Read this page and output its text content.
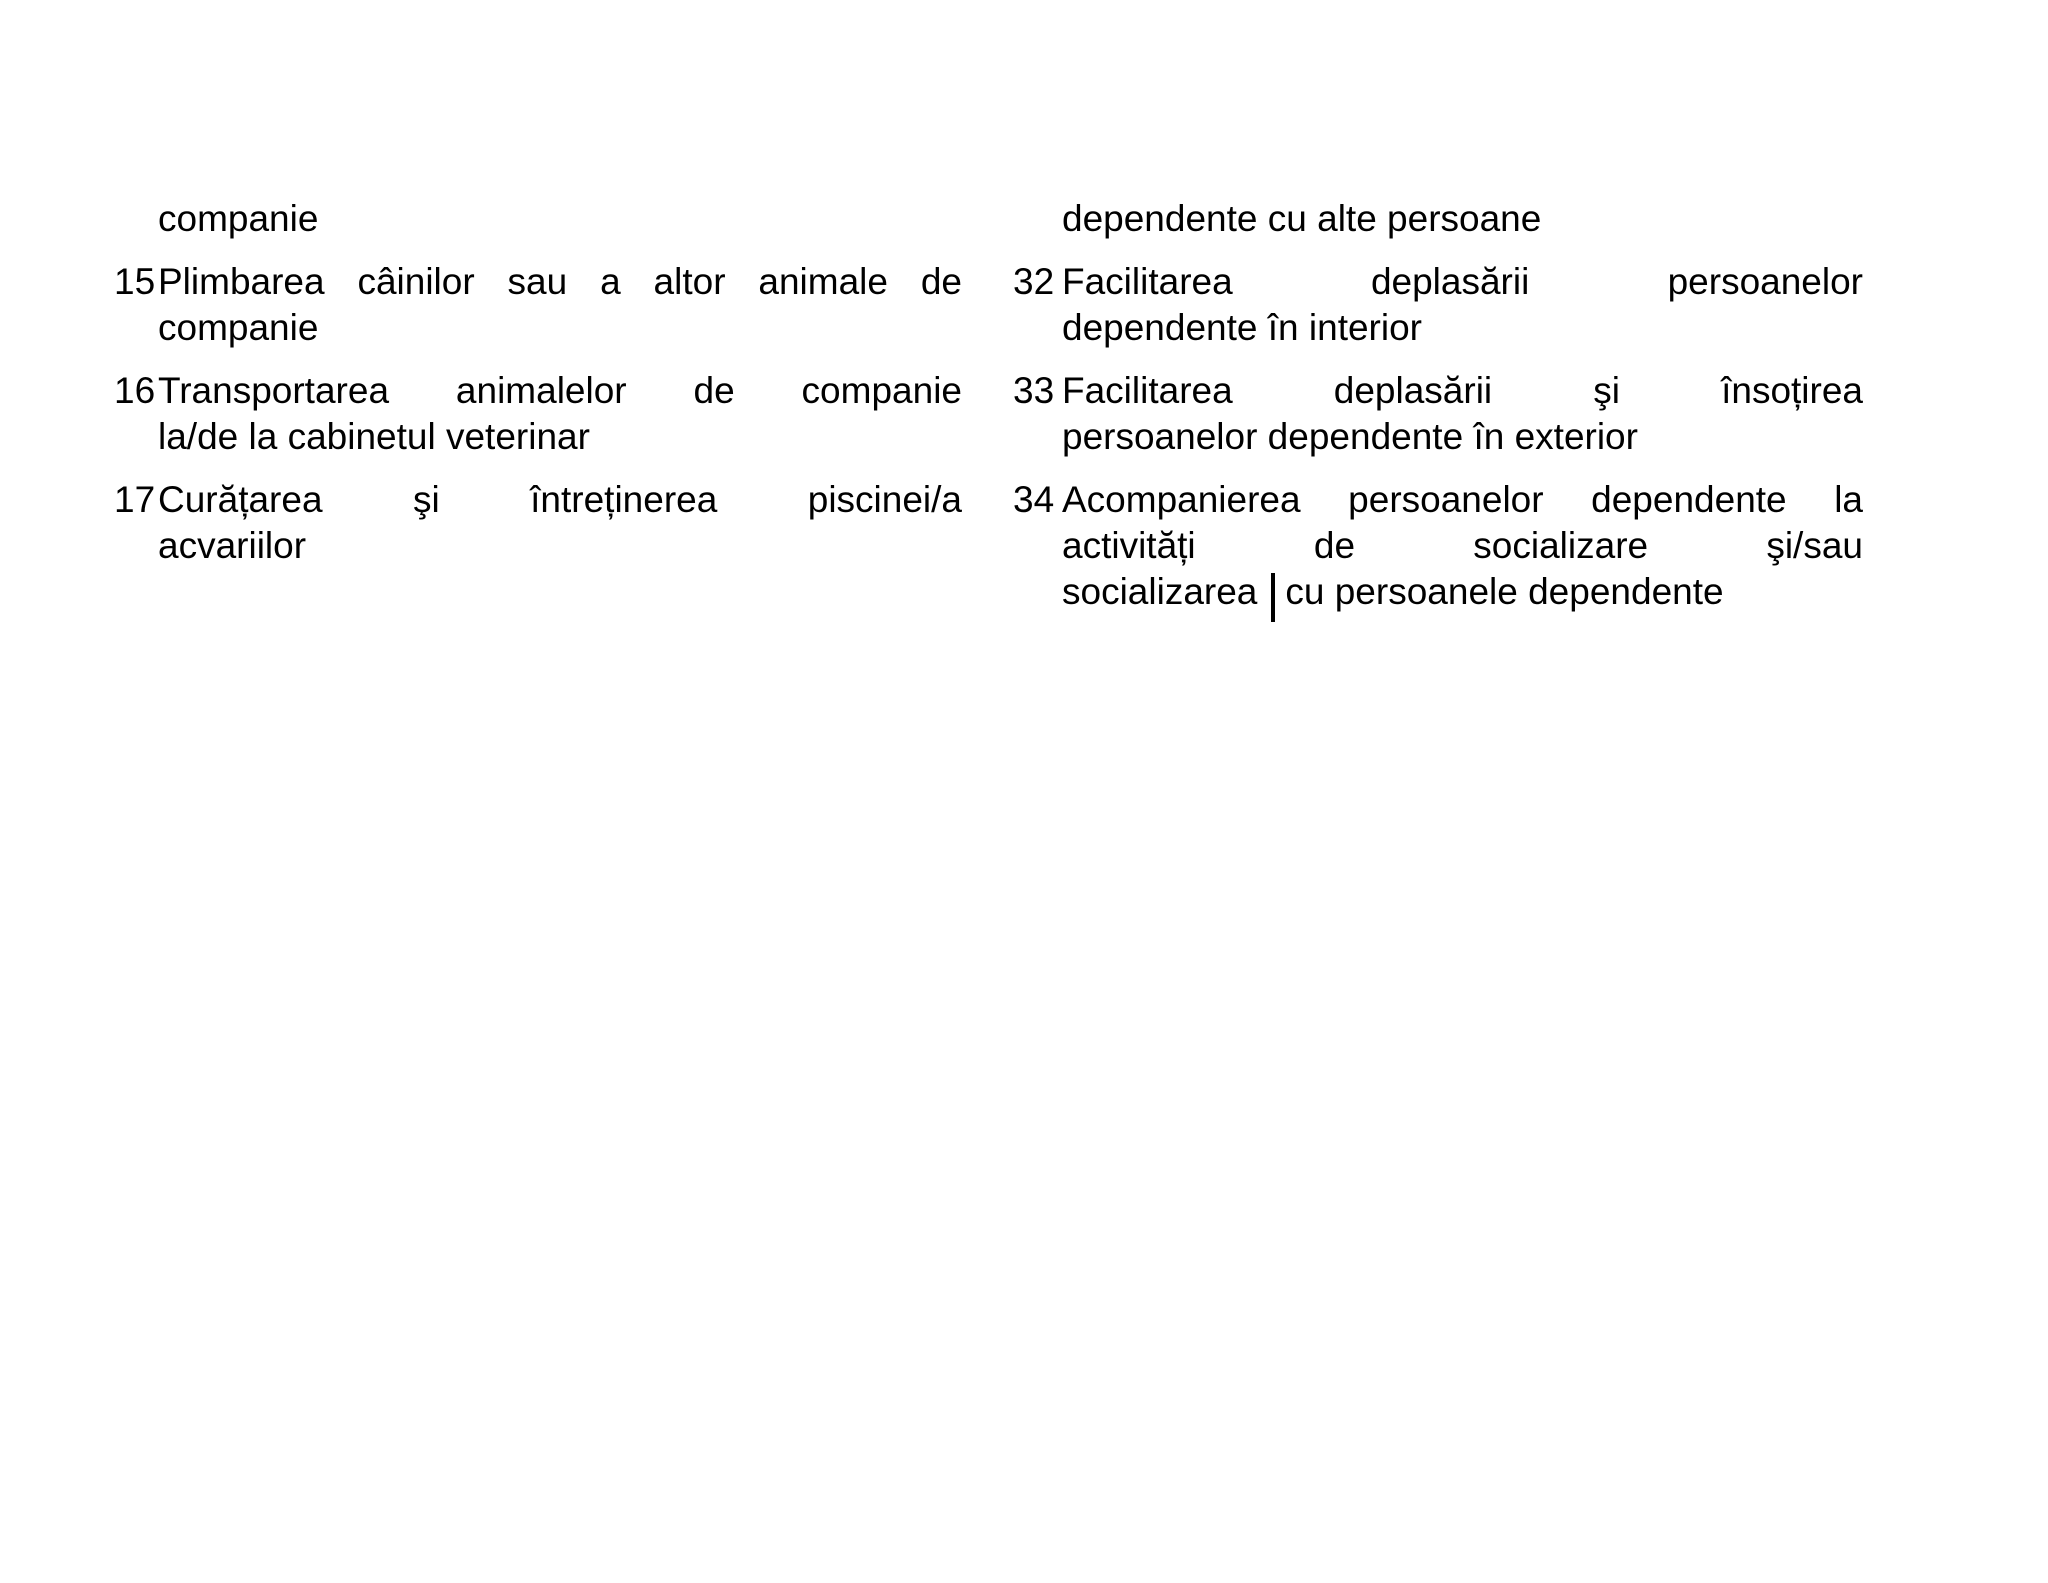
companie
15 Plimbarea câinilor sau a altor animale de
companie
16 Transportarea animalelor de companie
la/de la cabinetul veterinar
17 Curățarea şi întreținerea piscinei/a
acvariilor
dependente cu alte persoane
32 Facilitarea deplasării persoanelor
dependente în interior
33 Facilitarea deplasării şi însoțirea
persoanelor dependente în exterior
34 Acompanierea persoanelor dependente la
activități de socializare şi/sau
socializarea cu persoanele dependente
